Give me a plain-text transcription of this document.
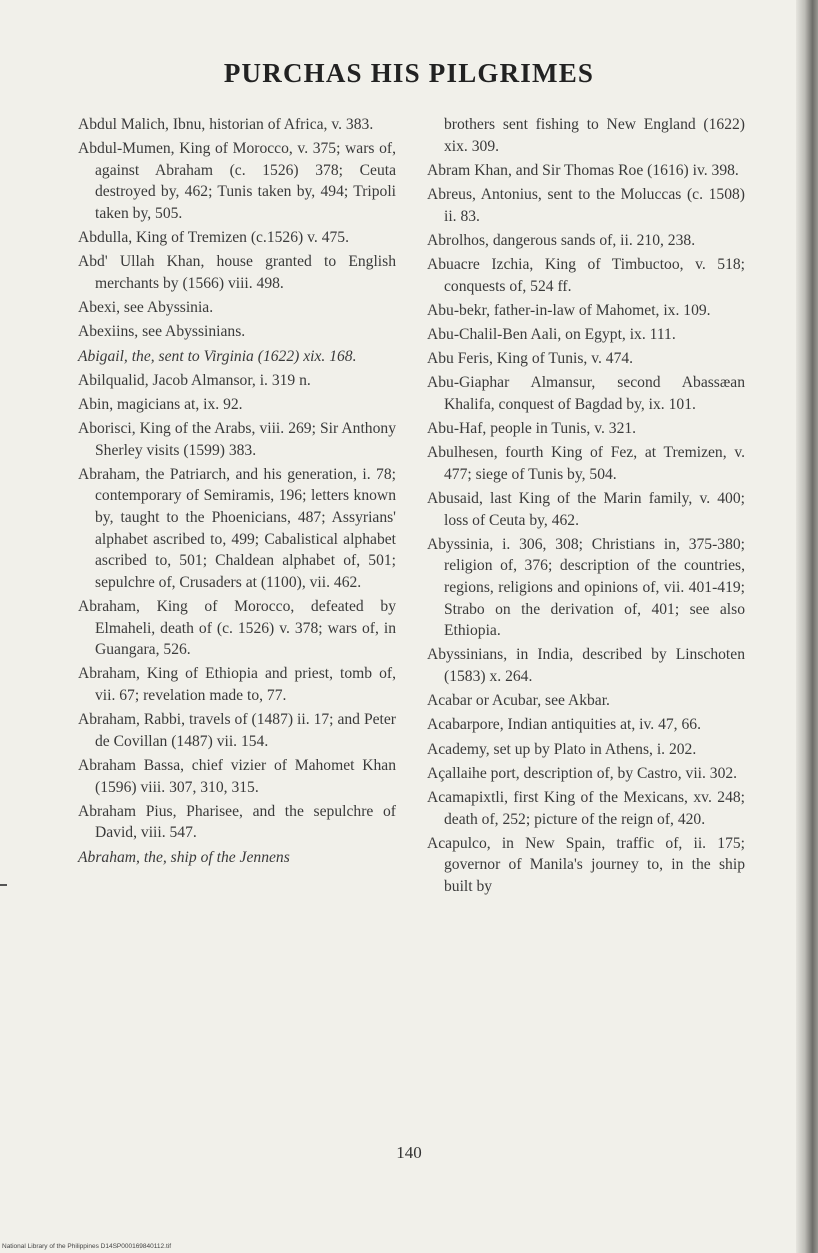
PURCHAS HIS PILGRIMES

Abdul Malich, Ibnu, historian of Africa, v. 383.

Abdul-Mumen, King of Morocco, v. 375; wars of, against Abraham (c. 1526) 378; Ceuta destroyed by, 462; Tunis taken by, 494; Tripoli taken by, 505.

Abdulla, King of Tremizen (c.1526) v. 475.

Abd' Ullah Khan, house granted to English merchants by (1566) viii. 498.

Abexi, see Abyssinia.

Abexiins, see Abyssinians.

Abigail, the, sent to Virginia (1622) xix. 168.

Abilqualid, Jacob Almansor, i. 319 n.

Abin, magicians at, ix. 92.

Aborisci, King of the Arabs, viii. 269; Sir Anthony Sherley visits (1599) 383.

Abraham, the Patriarch, and his generation, i. 78; contemporary of Semiramis, 196; letters known by, taught to the Phoenicians, 487; Assyrians' alphabet ascribed to, 499; Cabalistical alphabet ascribed to, 501; Chaldean alphabet of, 501; sepulchre of, Crusaders at (1100), vii. 462.

Abraham, King of Morocco, defeated by Elmaheli, death of (c. 1526) v. 378; wars of, in Guangara, 526.

Abraham, King of Ethiopia and priest, tomb of, vii. 67; revelation made to, 77.

Abraham, Rabbi, travels of (1487) ii. 17; and Peter de Covillan (1487) vii. 154.

Abraham Bassa, chief vizier of Mahomet Khan (1596) viii. 307, 310, 315.

Abraham Pius, Pharisee, and the sepulchre of David, viii. 547.

Abraham, the, ship of the Jennens

brothers sent fishing to New England (1622) xix. 309.

Abram Khan, and Sir Thomas Roe (1616) iv. 398.

Abreus, Antonius, sent to the Moluccas (c. 1508) ii. 83.

Abrolhos, dangerous sands of, ii. 210, 238.

Abuacre Izchia, King of Timbuctoo, v. 518; conquests of, 524 ff.

Abu-bekr, father-in-law of Mahomet, ix. 109.

Abu-Chalil-Ben Aali, on Egypt, ix. 111.

Abu Feris, King of Tunis, v. 474.

Abu-Giaphar Almansur, second Abassæan Khalifa, conquest of Bagdad by, ix. 101.

Abu-Haf, people in Tunis, v. 321.

Abulhesen, fourth King of Fez, at Tremizen, v. 477; siege of Tunis by, 504.

Abusaid, last King of the Marin family, v. 400; loss of Ceuta by, 462.

Abyssinia, i. 306, 308; Christians in, 375-380; religion of, 376; description of the countries, regions, religions and opinions of, vii. 401-419; Strabo on the derivation of, 401; see also Ethiopia.

Abyssinians, in India, described by Linschoten (1583) x. 264.

Acabar or Acubar, see Akbar.

Acabarpore, Indian antiquities at, iv. 47, 66.

Academy, set up by Plato in Athens, i. 202.

Açallaihe port, description of, by Castro, vii. 302.

Acamapixtli, first King of the Mexicans, xv. 248; death of, 252; picture of the reign of, 420.

Acapulco, in New Spain, traffic of, ii. 175; governor of Manila's journey to, in the ship built by

140
National Library of the Philippines D14SP000169840112.tif
